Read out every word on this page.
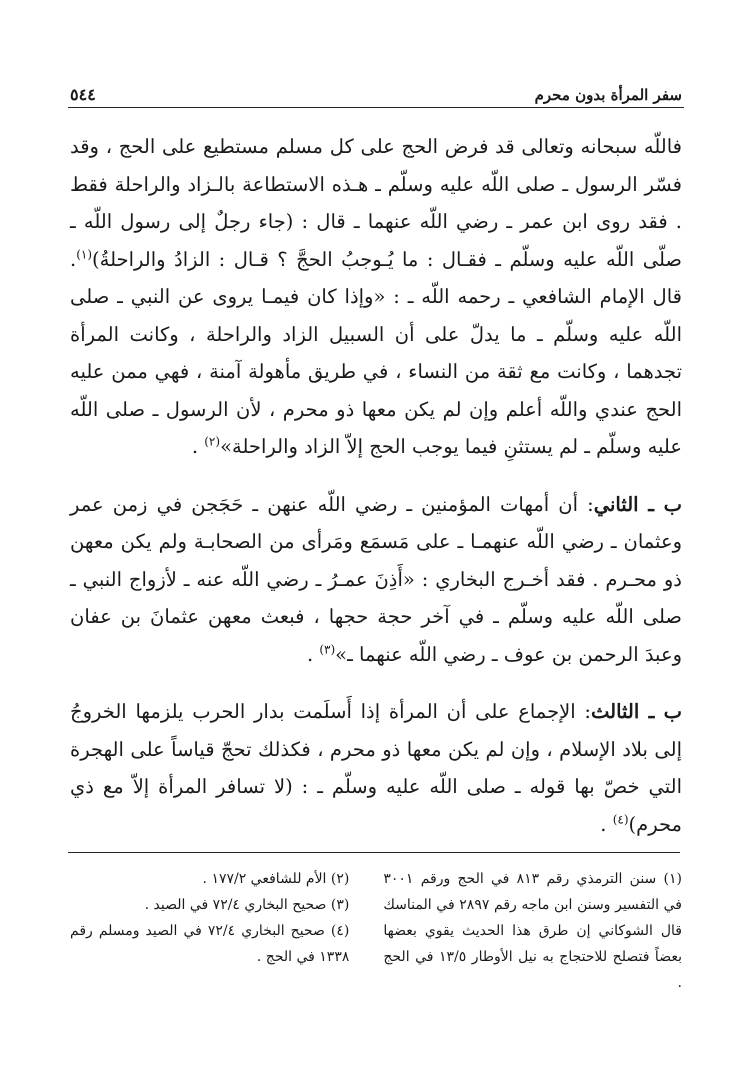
سفر المرأة بدون محرم
٥٤٤

فاللّه سبحانه وتعالى قد فرض الحج على كل مسلم مستطيع على الحج ، وقد فسّر الرسول ـ صلى اللّه عليه وسلّم ـ هـذه الاستطاعة بالـزاد والراحلة فقط . فقد روى ابن عمر ـ رضي اللّه عنهما ـ قال : (جاء رجلٌ إلى رسول اللّه ـ صلّى اللّه عليه وسلّم ـ فقـال : ما يُـوجبُ الحجَّ ؟ قـال : الزادُ والراحلةُ)$^{(١)}$. قال الإمام الشافعي ـ رحمه اللّه ـ : «وإذا كان فيمـا يروى عن النبي ـ صلى اللّه عليه وسلّم ـ ما يدلّ على أن السبيل الزاد والراحلة ، وكانت المرأة تجدهما ، وكانت مع ثقة من النساء ، في طريق مأهولة آمنة ، فهي ممن عليه الحج عندي واللّه أعلم وإن لم يكن معها ذو محرم ، لأن الرسول ـ صلى اللّه عليه وسلّم ـ لم يستثنِ فيما يوجب الحج إلاّ الزاد والراحلة»$^{(٢)}$ .

ب ـ الثاني: أن أمهات المؤمنين ـ رضي اللّه عنهن ـ حَجَجن في زمن عمر وعثمان ـ رضي اللّه عنهمـا ـ على مَسمَع ومَرأى من الصحابـة ولم يكن معهن ذو محـرم . فقد أخـرج البخاري : «أَذِنَ عمـرُ ـ رضي اللّه عنه ـ لأزواج النبي ـ صلى اللّه عليه وسلّم ـ في آخر حجة حجها ، فبعث معهن عثمانَ بن عفان وعبدَ الرحمن بن عوف ـ رضي اللّه عنهما ـ»$^{(٣)}$ .

ب ـ الثالث: الإجماع على أن المرأة إذا أَسلَمت بدار الحرب يلزمها الخروجُ إلى بلاد الإسلام ، وإن لم يكن معها ذو محرم ، فكذلك تحجّ قياساً على الهجرة التي خصّ بها قوله ـ صلى اللّه عليه وسلّم ـ : (لا تسافر المرأة إلاّ مع ذي محرم)$^{(٤)}$ .

(١) سنن الترمذي رقم ٨١٣ في الحج ورقم ٣٠٠١ في التفسير وسنن ابن ماجه رقم ٢٨٩٧ في المناسك قال الشوكاني إن طرق هذا الحديث يقوي بعضها بعضاً فتصلح للاحتجاج به نيل الأوطار ١٣/٥ في الحج .

(٢) الأم للشافعي ١٧٧/٢ .

(٣) صحيح البخاري ٧٢/٤ في الصيد .

(٤) صحيح البخاري ٧٢/٤ في الصيد ومسلم رقم ١٣٣٨ في الحج .
